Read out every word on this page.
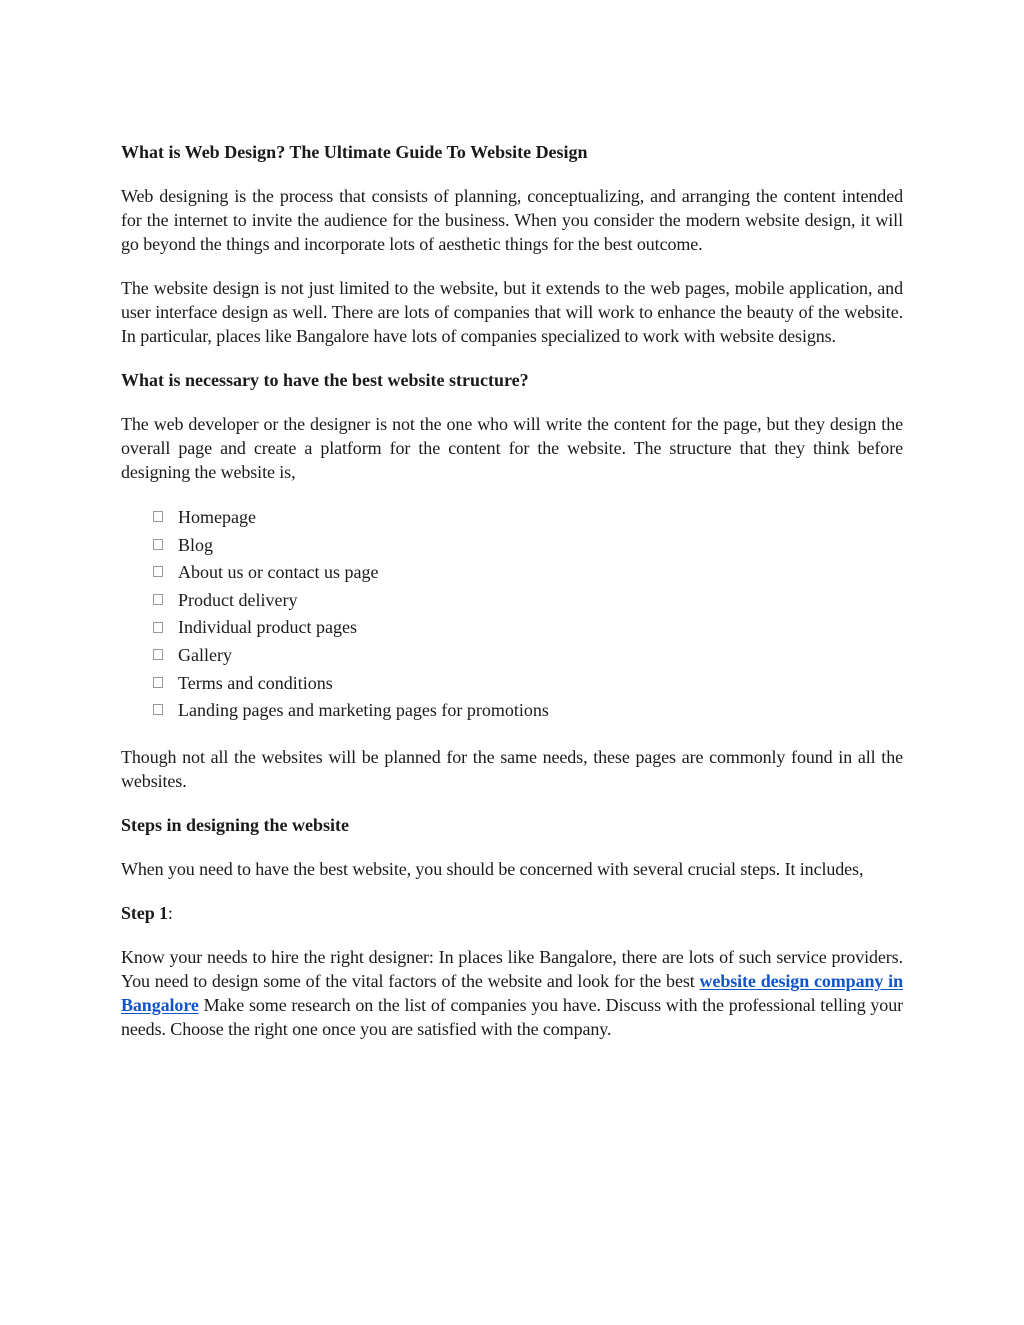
What is Web Design? The Ultimate Guide To Website Design

Web designing is the process that consists of planning, conceptualizing, and arranging the content intended for the internet to invite the audience for the business. When you consider the modern website design, it will go beyond the things and incorporate lots of aesthetic things for the best outcome.

The website design is not just limited to the website, but it extends to the web pages, mobile application, and user interface design as well. There are lots of companies that will work to enhance the beauty of the website. In particular, places like Bangalore have lots of companies specialized to work with website designs.

What is necessary to have the best website structure?

The web developer or the designer is not the one who will write the content for the page, but they design the overall page and create a platform for the content for the website. The structure that they think before designing the website is,

Homepage
Blog
About us or contact us page
Product delivery
Individual product pages
Gallery
Terms and conditions
Landing pages and marketing pages for promotions

Though not all the websites will be planned for the same needs, these pages are commonly found in all the websites.

Steps in designing the website

When you need to have the best website, you should be concerned with several crucial steps. It includes,

Step 1:

Know your needs to hire the right designer: In places like Bangalore, there are lots of such service providers. You need to design some of the vital factors of the website and look for the best website design company in Bangalore Make some research on the list of companies you have. Discuss with the professional telling your needs. Choose the right one once you are satisfied with the company.
